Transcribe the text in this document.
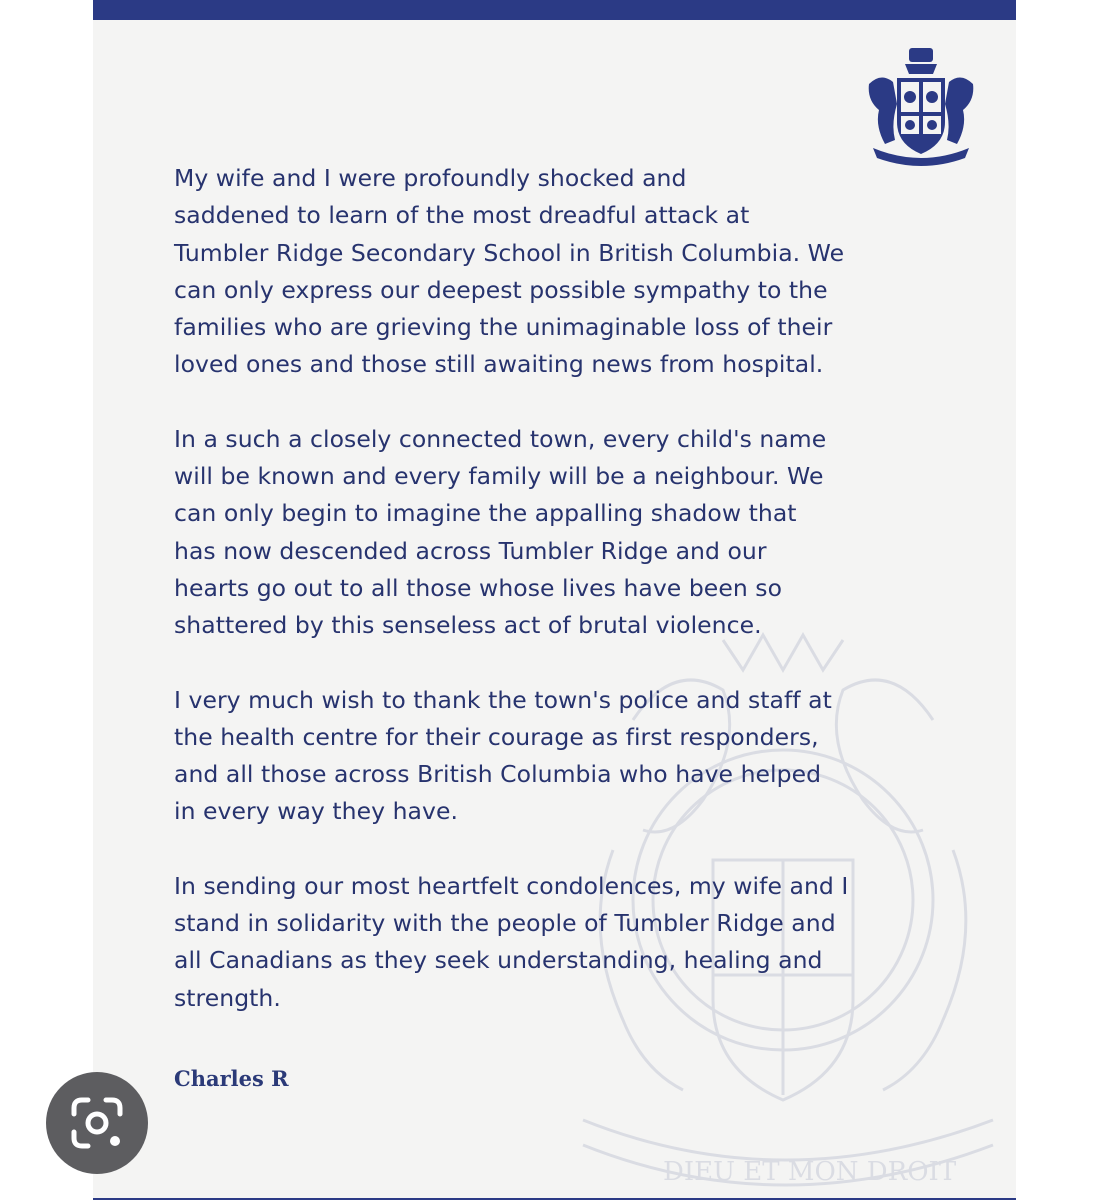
DIEU ET MON DROIT

My wife and I were profoundly shocked and
saddened to learn of the most dreadful attack at
Tumbler Ridge Secondary School in British Columbia. We
can only express our deepest possible sympathy to the
families who are grieving the unimaginable loss of their
loved ones and those still awaiting news from hospital.

In a such a closely connected town, every child's name
will be known and every family will be a neighbour. We
can only begin to imagine the appalling shadow that
has now descended across Tumbler Ridge and our
hearts go out to all those whose lives have been so
shattered by this senseless act of brutal violence.

I very much wish to thank the town's police and staff at
the health centre for their courage as first responders,
and all those across British Columbia who have helped
in every way they have.

In sending our most heartfelt condolences, my wife and I
stand in solidarity with the people of Tumbler Ridge and
all Canadians as they seek understanding, healing and
strength.

Charles R
